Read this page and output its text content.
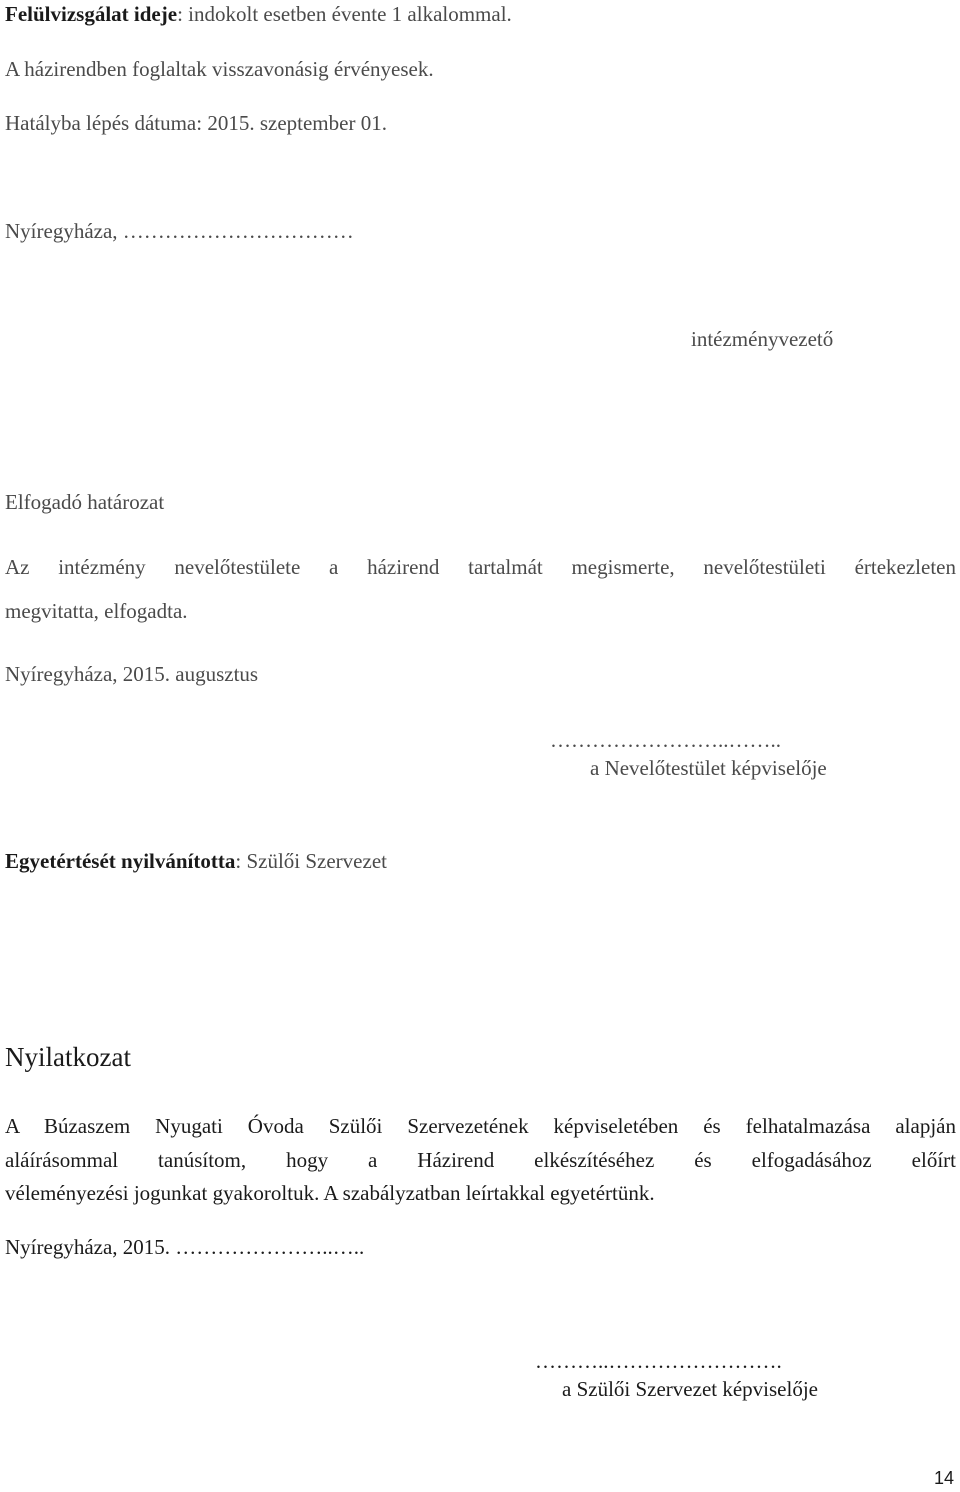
Felülvizsgálat ideje: indokolt esetben évente 1 alkalommal.
A házirendben foglaltak visszavonásig érvényesek.
Hatályba lépés dátuma: 2015. szeptember 01.
Nyíregyháza, ……………………………
intézményvezető
Elfogadó határozat
Az intézmény nevelőtestülete a házirend tartalmát megismerte, nevelőtestületi értekezleten
megvitatta, elfogadta.
Nyíregyháza, 2015. augusztus
……………………..……..
a Nevelőtestület képviselője
Egyetértését nyilvánította: Szülői Szervezet
Nyilatkozat
A Búzaszem Nyugati Óvoda Szülői Szervezetének képviseletében és felhatalmazása alapján
aláírásommal tanúsítom, hogy a Házirend elkészítéséhez és elfogadásához előírt
véleményezési jogunkat gyakoroltuk. A szabályzatban leírtakkal egyetértünk.
Nyíregyháza, 2015. …………………..…..
………..…………………….
a Szülői Szervezet képviselője
14
